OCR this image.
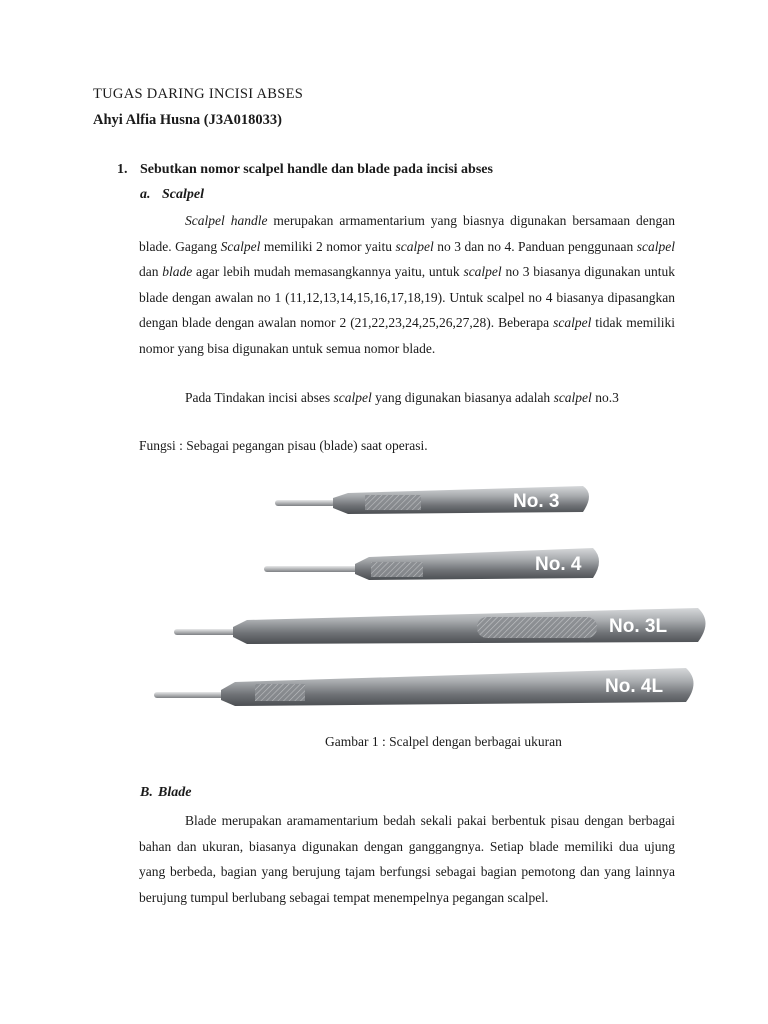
TUGAS DARING INCISI ABSES
Ahyi Alfia Husna (J3A018033)
1. Sebutkan nomor scalpel handle dan blade pada incisi abses
a. Scalpel

Scalpel handle merupakan armamentarium yang biasnya digunakan bersamaan dengan blade. Gagang Scalpel memiliki 2 nomor yaitu scalpel no 3 dan no 4. Panduan penggunaan scalpel dan blade agar lebih mudah memasangkannya yaitu, untuk scalpel no 3 biasanya digunakan untuk blade dengan awalan no 1 (11,12,13,14,15,16,17,18,19). Untuk scalpel no 4 biasanya dipasangkan dengan blade dengan awalan nomor 2 (21,22,23,24,25,26,27,28). Beberapa scalpel tidak memiliki nomor yang bisa digunakan untuk semua nomor blade.

Pada Tindakan incisi abses scalpel yang digunakan biasanya adalah scalpel no.3

Fungsi : Sebagai pegangan pisau (blade) saat operasi.
No. 3
No. 4
No. 3L
No. 4L
Gambar 1 : Scalpel dengan berbagai ukuran
B. Blade

Blade merupakan aramamentarium bedah sekali pakai berbentuk pisau dengan berbagai bahan dan ukuran, biasanya digunakan dengan ganggangnya. Setiap blade memiliki dua ujung yang berbeda, bagian yang berujung tajam berfungsi sebagai bagian pemotong dan yang lainnya berujung tumpul berlubang sebagai tempat menempelnya pegangan scalpel.
